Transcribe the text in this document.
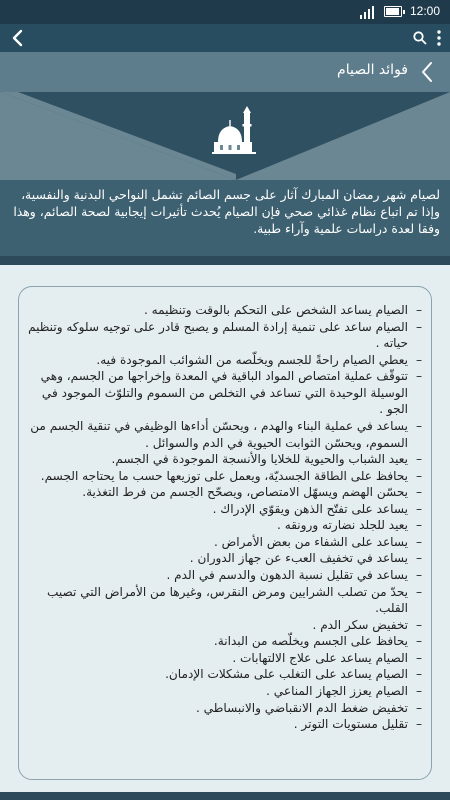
12:00
فوائد الصيام
لصيام شهر رمضان المبارك آثار على جسم الصائم تشمل النواحي البدنية والنفسية، وإذا تم اتباع نظام غذائي صحي فإن الصيام يُحدث تأثيرات إيجابية لصحة الصائم، وهذا وفقا لعدة دراسات علمية وآراء طبية.
– الصيام يساعد الشخص على التحكم بالوقت وتنظيمه .
– الصيام ساعد على تنمية إرادة المسلم و يصبح قادر على توجيه سلوكه وتنظيم حياته .
– يعطي الصيام راحةً للجسم ويخلّصه من الشوائب الموجودة فيه.
– تتوقّف عملية امتصاص المواد الباقية في المعدة وإخراجها من الجسم، وهي الوسيلة الوحيدة التي تساعد في التخلص من السموم والتلوّث الموجود في الجو .
– يساعد في عملية البناء والهدم ، ويحسّن أداءها الوظيفي في تنقية الجسم من السموم، ويحسّن الثوابت الحيوية في الدم والسوائل .
– يعيد الشباب والحيوية للخلايا والأنسجة الموجودة في الجسم.
– يحافظ على الطاقة الجسديّة، ويعمل على توزيعها حسب ما يحتاجه الجسم.
– يحسّن الهضم ويسهّل الامتصاص، ويصحّح الجسم من فرط التغذية.
– يساعد على تفتّح الذهن ويقوّي الإدراك .
– يعيد للجلد نضارته ورونقه .
– يساعد على الشفاء من بعض الأمراض .
– يساعد في تخفيف العبء عن جهاز الدوران .
– يساعد في تقليل نسبة الدهون والدسم في الدم .
– يحدّ من تصلب الشرايين ومرض النقرس، وغيرها من الأمراض التي تصيب القلب.
– تخفيض سكر الدم .
– يحافظ على الجسم ويخلّصه من البدانة.
– الصيام يساعد على علاج الالتهابات .
– الصيام يساعد على التغلب على مشكلات الإدمان.
– الصيام يعزز الجهاز المناعي .
– تخفيض ضغط الدم الانقباضي والانبساطي .
– تقليل مستويات التوتر .
